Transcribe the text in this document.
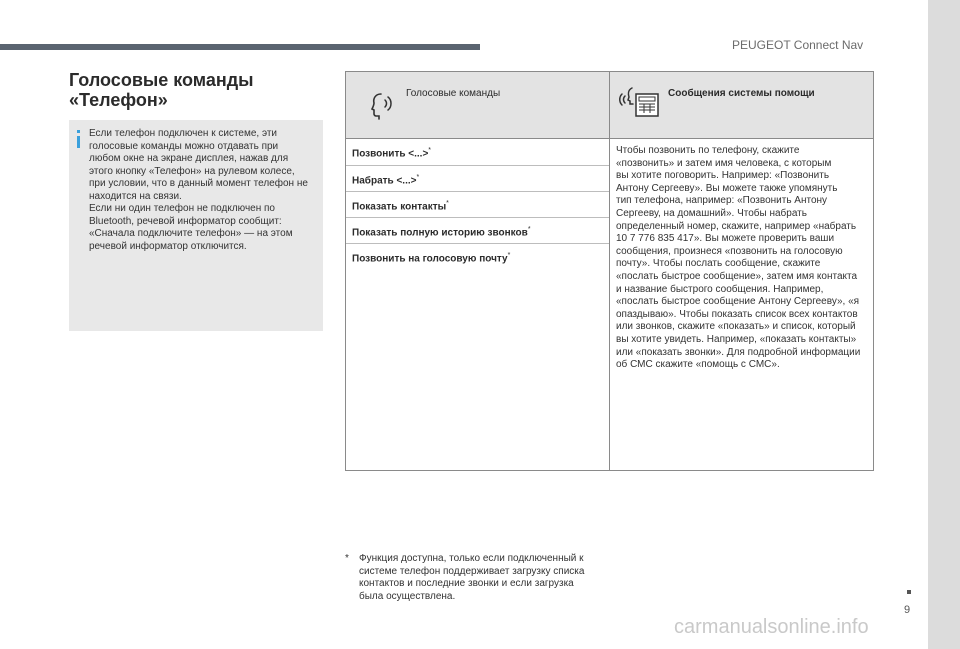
PEUGEOT Connect Nav
9
Голосовые команды
«Телефон»

Если телефон подключен к системе, эти
голосовые команды можно отдавать при
любом окне на экране дисплея, нажав для
этого кнопку «Телефон» на рулевом колесе,
при условии, что в данный момент телефон не
находится на связи.
Если ни один телефон не подключен по
Bluetooth, речевой информатор сообщит:
«Сначала подключите телефон» — на этом
речевой информатор отключится.

Голосовые команды	Сообщения системы помощи
Позвонить <...>*
Набрать <...>*
Показать контакты*
Показать полную историю звонков*
Позвонить на голосовую почту*
Чтобы позвонить по телефону, скажите
«позвонить» и затем имя человека, с которым
вы хотите поговорить. Например: «Позвонить
Антону Сергееву». Вы можете также упомянуть
тип телефона, например: «Позвонить Антону
Сергееву, на домашний». Чтобы набрать
определенный номер, скажите, например «набрать
10 7 776 835 417». Вы можете проверить ваши
сообщения, произнеся «позвонить на голосовую
почту». Чтобы послать сообщение, скажите
«послать быстрое сообщение», затем имя контакта
и название быстрого сообщения. Например,
«послать быстрое сообщение Антону Сергееву», «я
опаздываю». Чтобы показать список всех контактов
или звонков, скажите «показать» и список, который
вы хотите увидеть. Например, «показать контакты»
или «показать звонки». Для подробной информации
об СМС скажите «помощь с СМС».
* Функция доступна, только если подключенный к
системе телефон поддерживает загрузку списка
контактов и последние звонки и если загрузка
была осуществлена.
carmanualsonline.info
